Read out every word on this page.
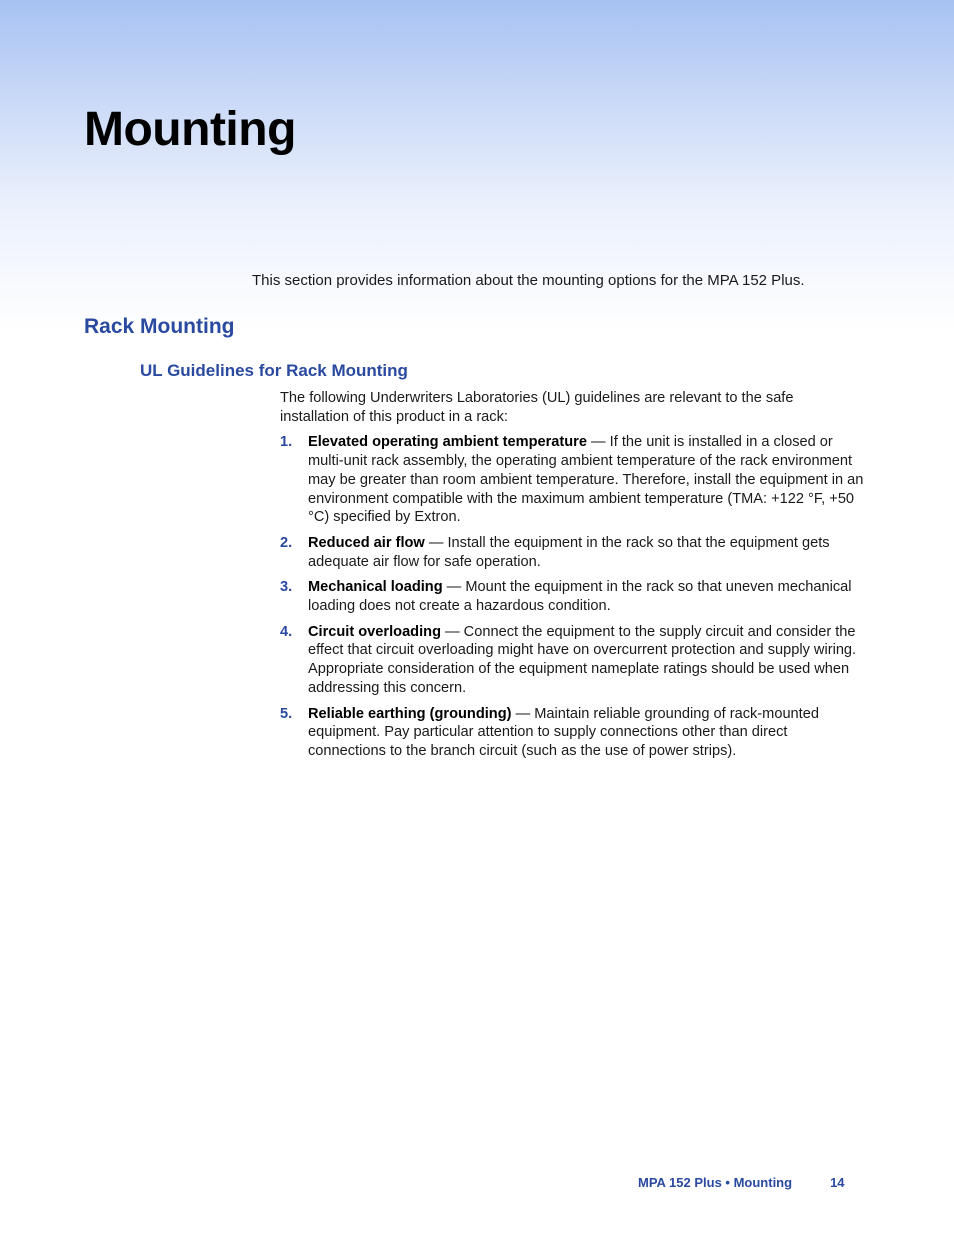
Mounting

This section provides information about the mounting options for the MPA 152 Plus.

Rack Mounting
UL Guidelines for Rack Mounting

The following Underwriters Laboratories (UL) guidelines are relevant to the safe installation of this product in a rack:

1. Elevated operating ambient temperature — If the unit is installed in a closed or multi-unit rack assembly, the operating ambient temperature of the rack environment may be greater than room ambient temperature. Therefore, install the equipment in an environment compatible with the maximum ambient temperature (TMA: +122 °F, +50 °C) specified by Extron.
2. Reduced air flow — Install the equipment in the rack so that the equipment gets adequate air flow for safe operation.
3. Mechanical loading — Mount the equipment in the rack so that uneven mechanical loading does not create a hazardous condition.
4. Circuit overloading — Connect the equipment to the supply circuit and consider the effect that circuit overloading might have on overcurrent protection and supply wiring. Appropriate consideration of the equipment nameplate ratings should be used when addressing this concern.
5. Reliable earthing (grounding) — Maintain reliable grounding of rack-mounted equipment. Pay particular attention to supply connections other than direct connections to the branch circuit (such as the use of power strips).
MPA 152 Plus • Mounting	14
